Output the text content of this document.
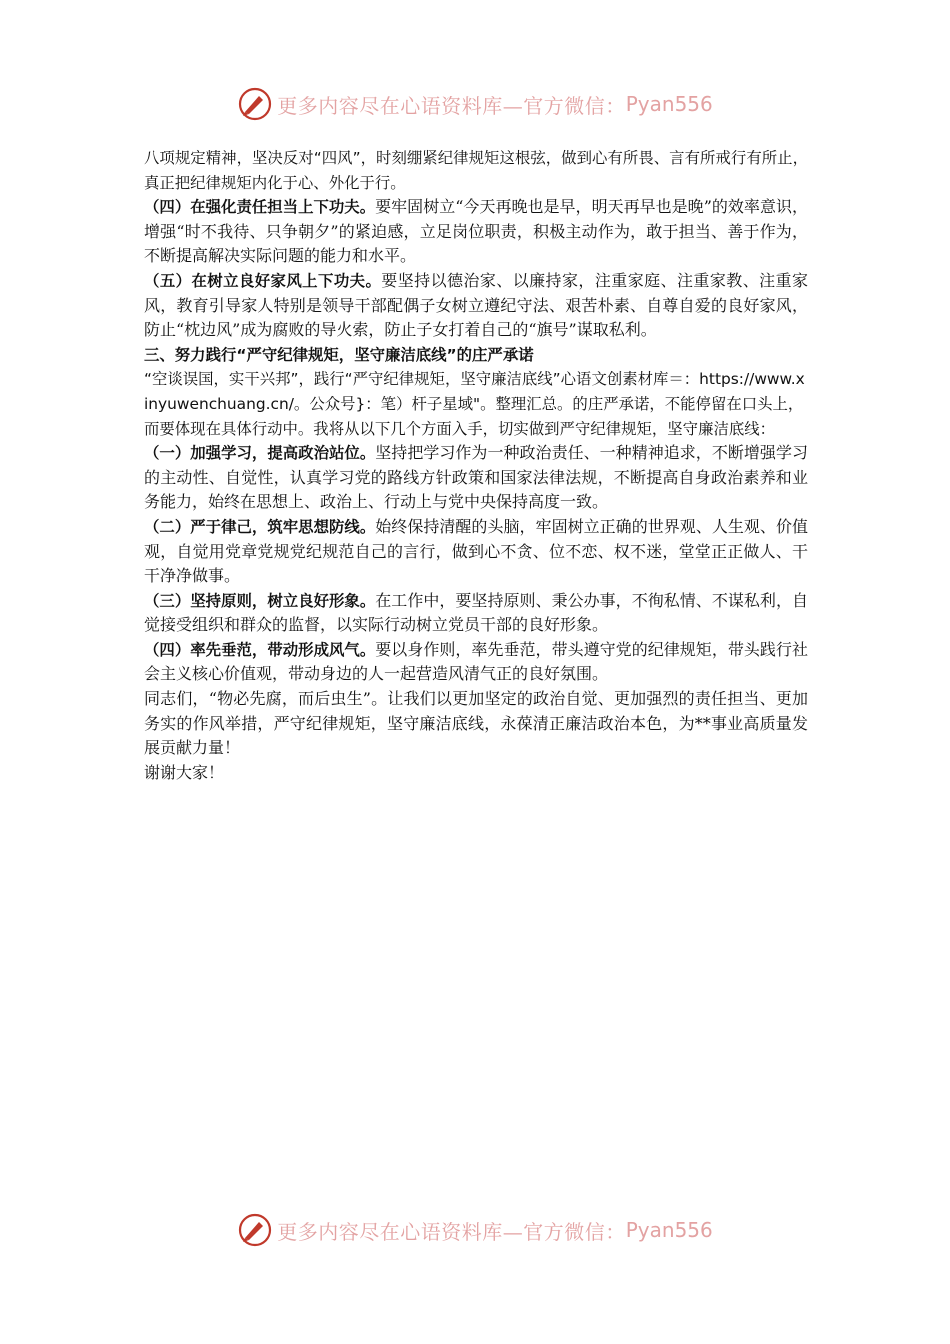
更多内容尽在心语资料库—官方微信： Pyan556

八项规定精神，坚决反对“四风”，时刻绷紧纪律规矩这根弦，做到心有所畏、言有所戒行有所止，真正把纪律规矩内化于心、外化于行。

（四）在强化责任担当上下功夫。要牢固树立“今天再晚也是早，明天再早也是晚”的效率意识，增强“时不我待、只争朝夕”的紧迫感，立足岗位职责，积极主动作为，敢于担当、善于作为，不断提高解决实际问题的能力和水平。

（五）在树立良好家风上下功夫。要坚持以德治家、以廉持家，注重家庭、注重家教、注重家风，教育引导家人特别是领导干部配偶子女树立遵纪守法、艰苦朴素、自尊自爱的良好家风，防止“枕边风”成为腐败的导火索，防止子女打着自己的“旗号”谋取私利。

三、努力践行“严守纪律规矩，坚守廉洁底线”的庄严承诺

“空谈误国，实干兴邦”，践行“严守纪律规矩，坚守廉洁底线”心语文创素材库＝：https://www.xinyuwenchuang.cn/。公众号}：笔）杆子星域"。整理汇总。的庄严承诺，不能停留在口头上，而要体现在具体行动中。我将从以下几个方面入手，切实做到严守纪律规矩，坚守廉洁底线：

（一）加强学习，提高政治站位。坚持把学习作为一种政治责任、一种精神追求，不断增强学习的主动性、自觉性，认真学习党的路线方针政策和国家法律法规，不断提高自身政治素养和业务能力，始终在思想上、政治上、行动上与党中央保持高度一致。

（二）严于律己，筑牢思想防线。始终保持清醒的头脑，牢固树立正确的世界观、人生观、价值观，自觉用党章党规党纪规范自己的言行，做到心不贪、位不恋、权不迷，堂堂正正做人、干干净净做事。

（三）坚持原则，树立良好形象。在工作中，要坚持原则、秉公办事，不徇私情、不谋私利，自觉接受组织和群众的监督，以实际行动树立党员干部的良好形象。

（四）率先垂范，带动形成风气。要以身作则，率先垂范，带头遵守党的纪律规矩，带头践行社会主义核心价值观，带动身边的人一起营造风清气正的良好氛围。

同志们，“物必先腐，而后虫生”。让我们以更加坚定的政治自觉、更加强烈的责任担当、更加务实的作风举措，严守纪律规矩，坚守廉洁底线，永葆清正廉洁政治本色，为**事业高质量发展贡献力量！

谢谢大家！

更多内容尽在心语资料库—官方微信： Pyan556
